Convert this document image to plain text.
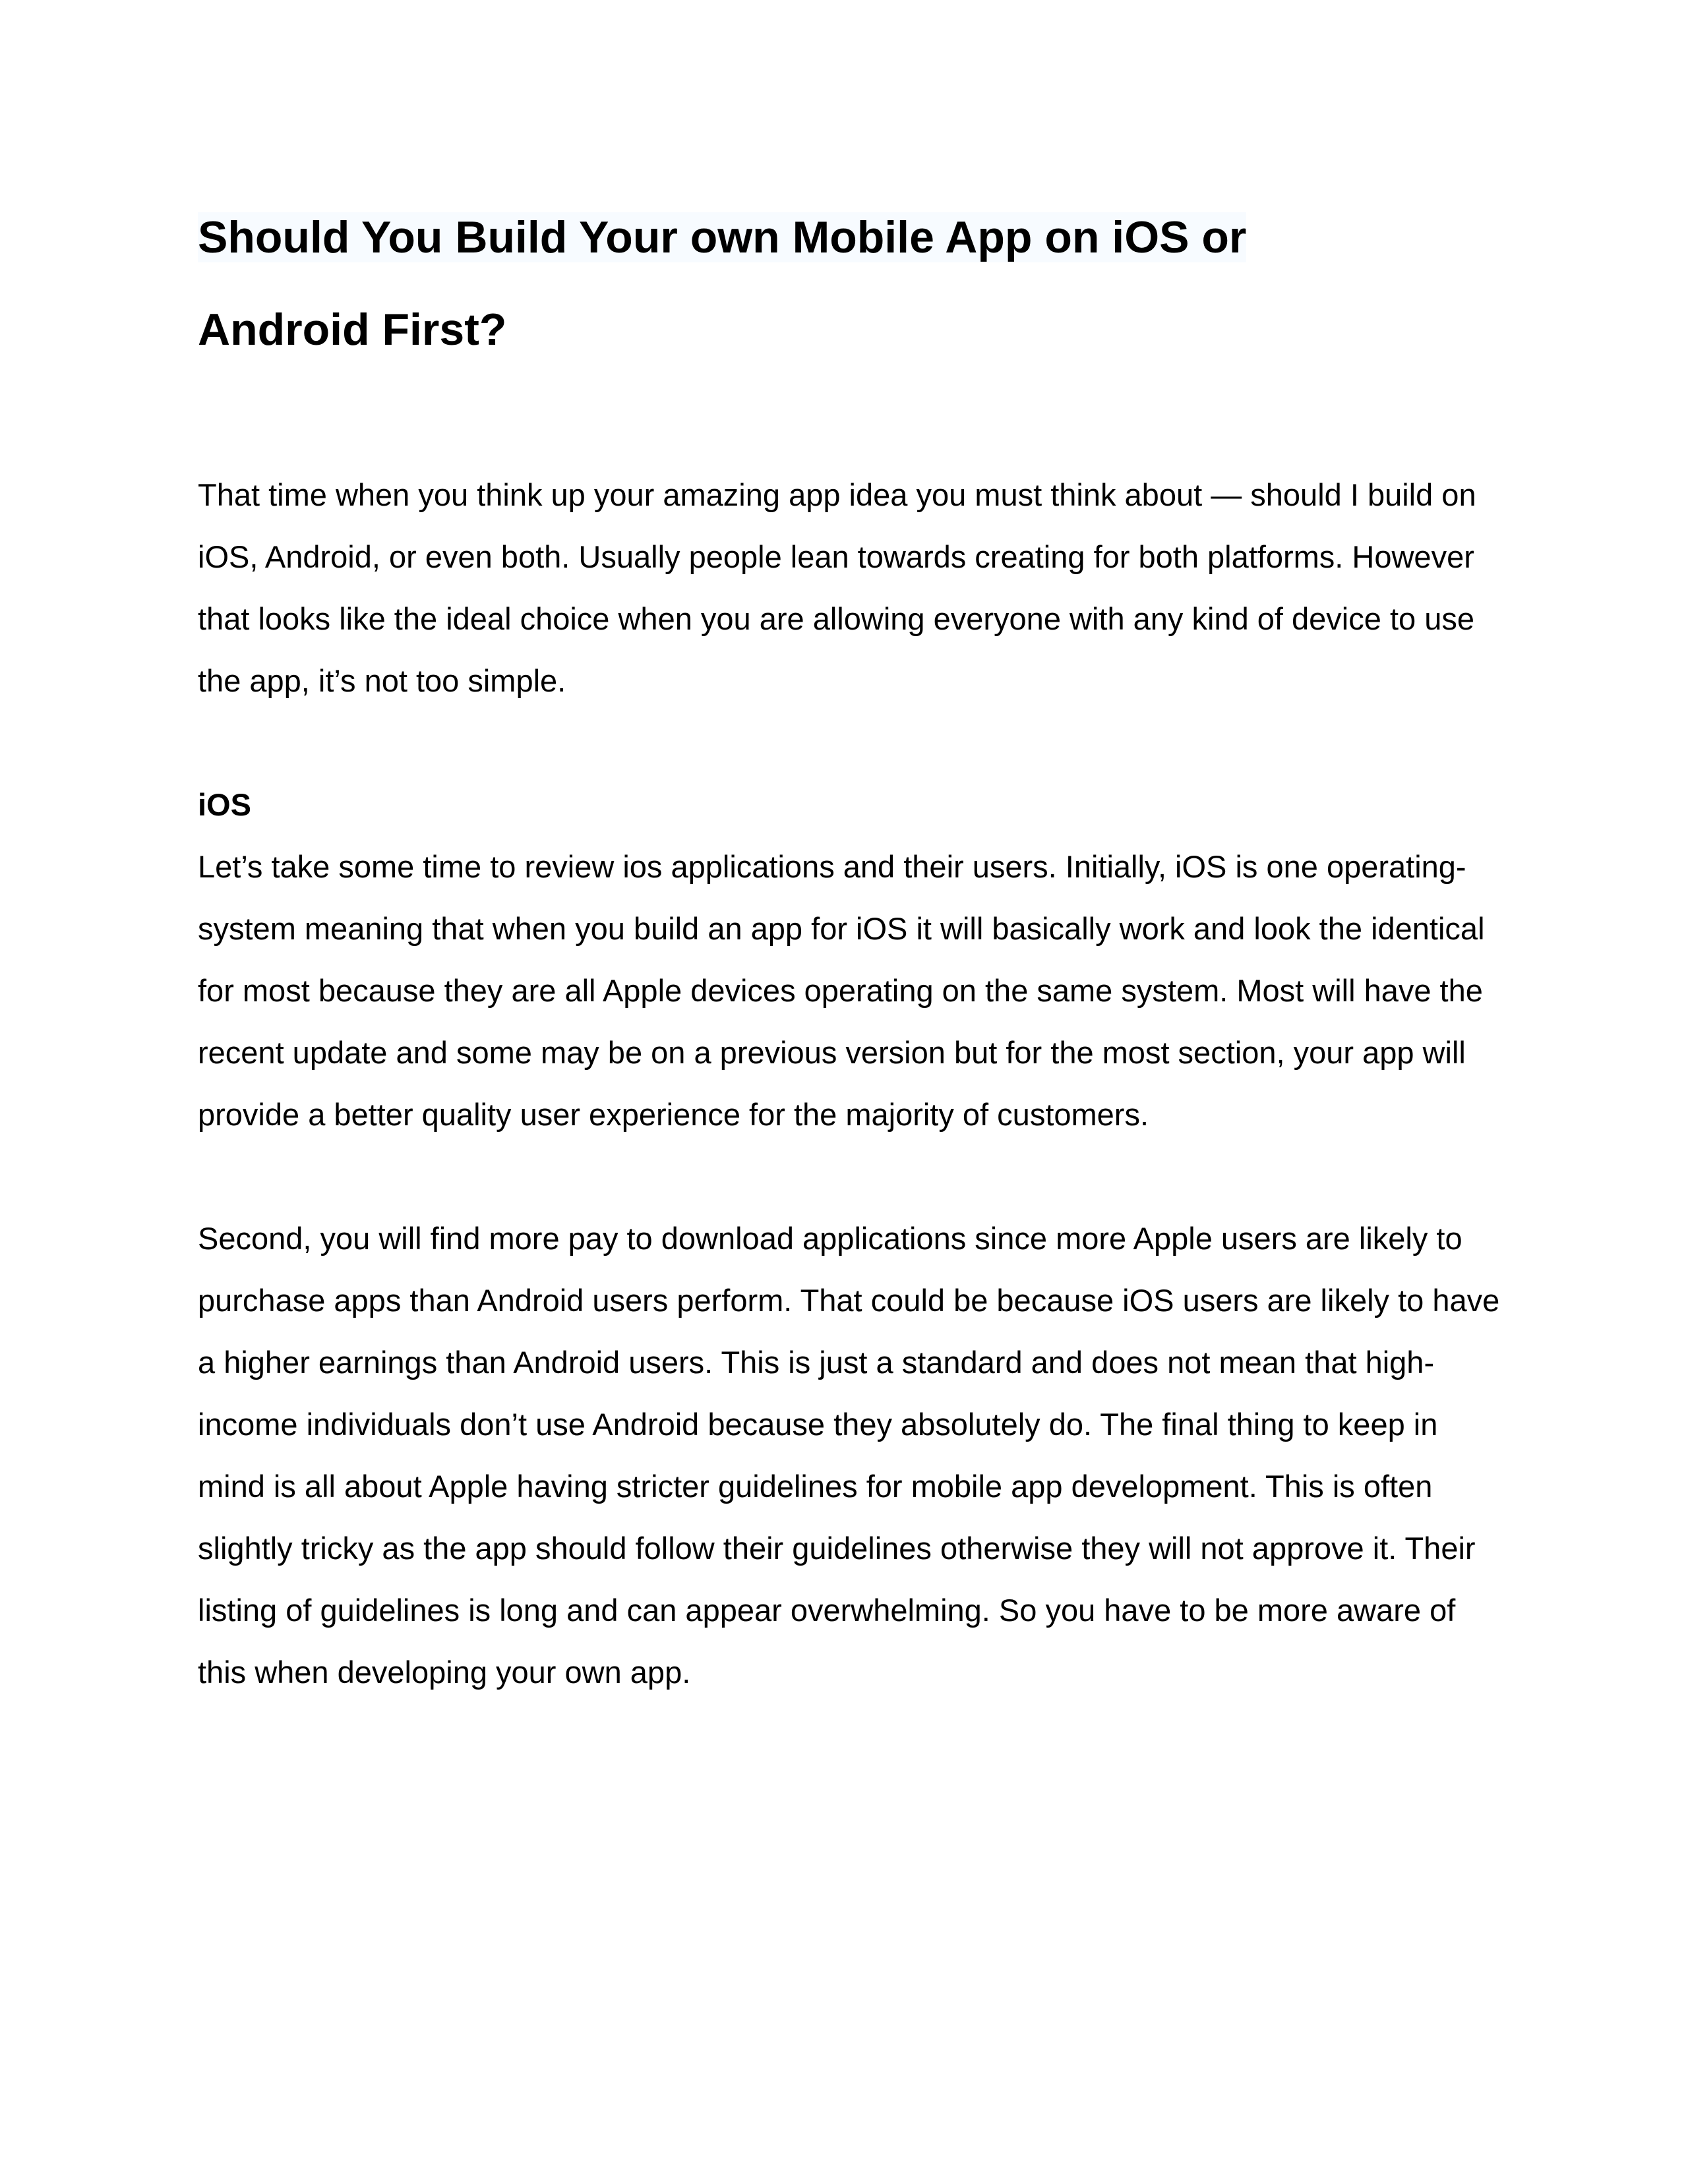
Should You Build Your own Mobile App on iOS or
Android First?

That time when you think up your amazing app idea you must think about — should I build on iOS, Android, or even both. Usually people lean towards creating for both platforms. However that looks like the ideal choice when you are allowing everyone with any kind of device to use the app, it’s not too simple.

iOS

Let’s take some time to review ios applications and their users. Initially, iOS is one operating-system meaning that when you build an app for iOS it will basically work and look the identical for most because they are all Apple devices operating on the same system. Most will have the recent update and some may be on a previous version but for the most section, your app will provide a better quality user experience for the majority of customers.

Second, you will find more pay to download applications since more Apple users are likely to purchase apps than Android users perform. That could be because iOS users are likely to have a higher earnings than Android users. This is just a standard and does not mean that high-income individuals don’t use Android because they absolutely do. The final thing to keep in mind is all about Apple having stricter guidelines for mobile app development. This is often slightly tricky as the app should follow their guidelines otherwise they will not approve it. Their listing of guidelines is long and can appear overwhelming. So you have to be more aware of this when developing your own app.
